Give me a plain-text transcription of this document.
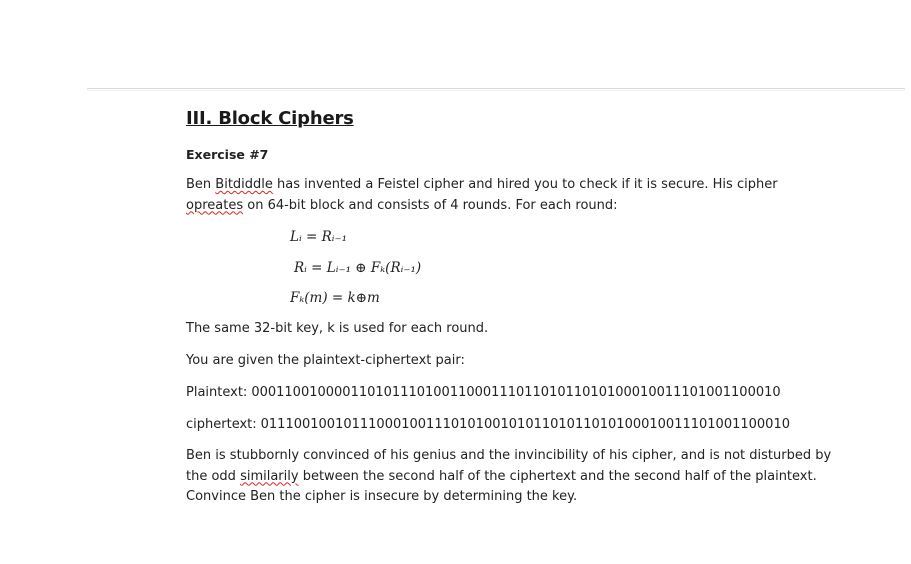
III. Block Ciphers
Exercise #7
Ben Bitdiddle has invented a Feistel cipher and hired you to check if it is secure. His cipher opreates on 64-bit block and consists of 4 rounds. For each round:
Lᵢ = Rᵢ₋₁
Rᵢ = Lᵢ₋₁ ⊕ Fₖ(Rᵢ₋₁)
Fₖ(m) = k⊕m
The same 32-bit key, k is used for each round.
You are given the plaintext-ciphertext pair:
Plaintext: 0001100100001101011101001100011101101011010100010011101001100010
ciphertext: 0111001001011100010011101010010101101011010100010011101001100010
Ben is stubbornly convinced of his genius and the invincibility of his cipher, and is not disturbed by the odd similarily between the second half of the ciphertext and the second half of the plaintext. Convince Ben the cipher is insecure by determining the key.
